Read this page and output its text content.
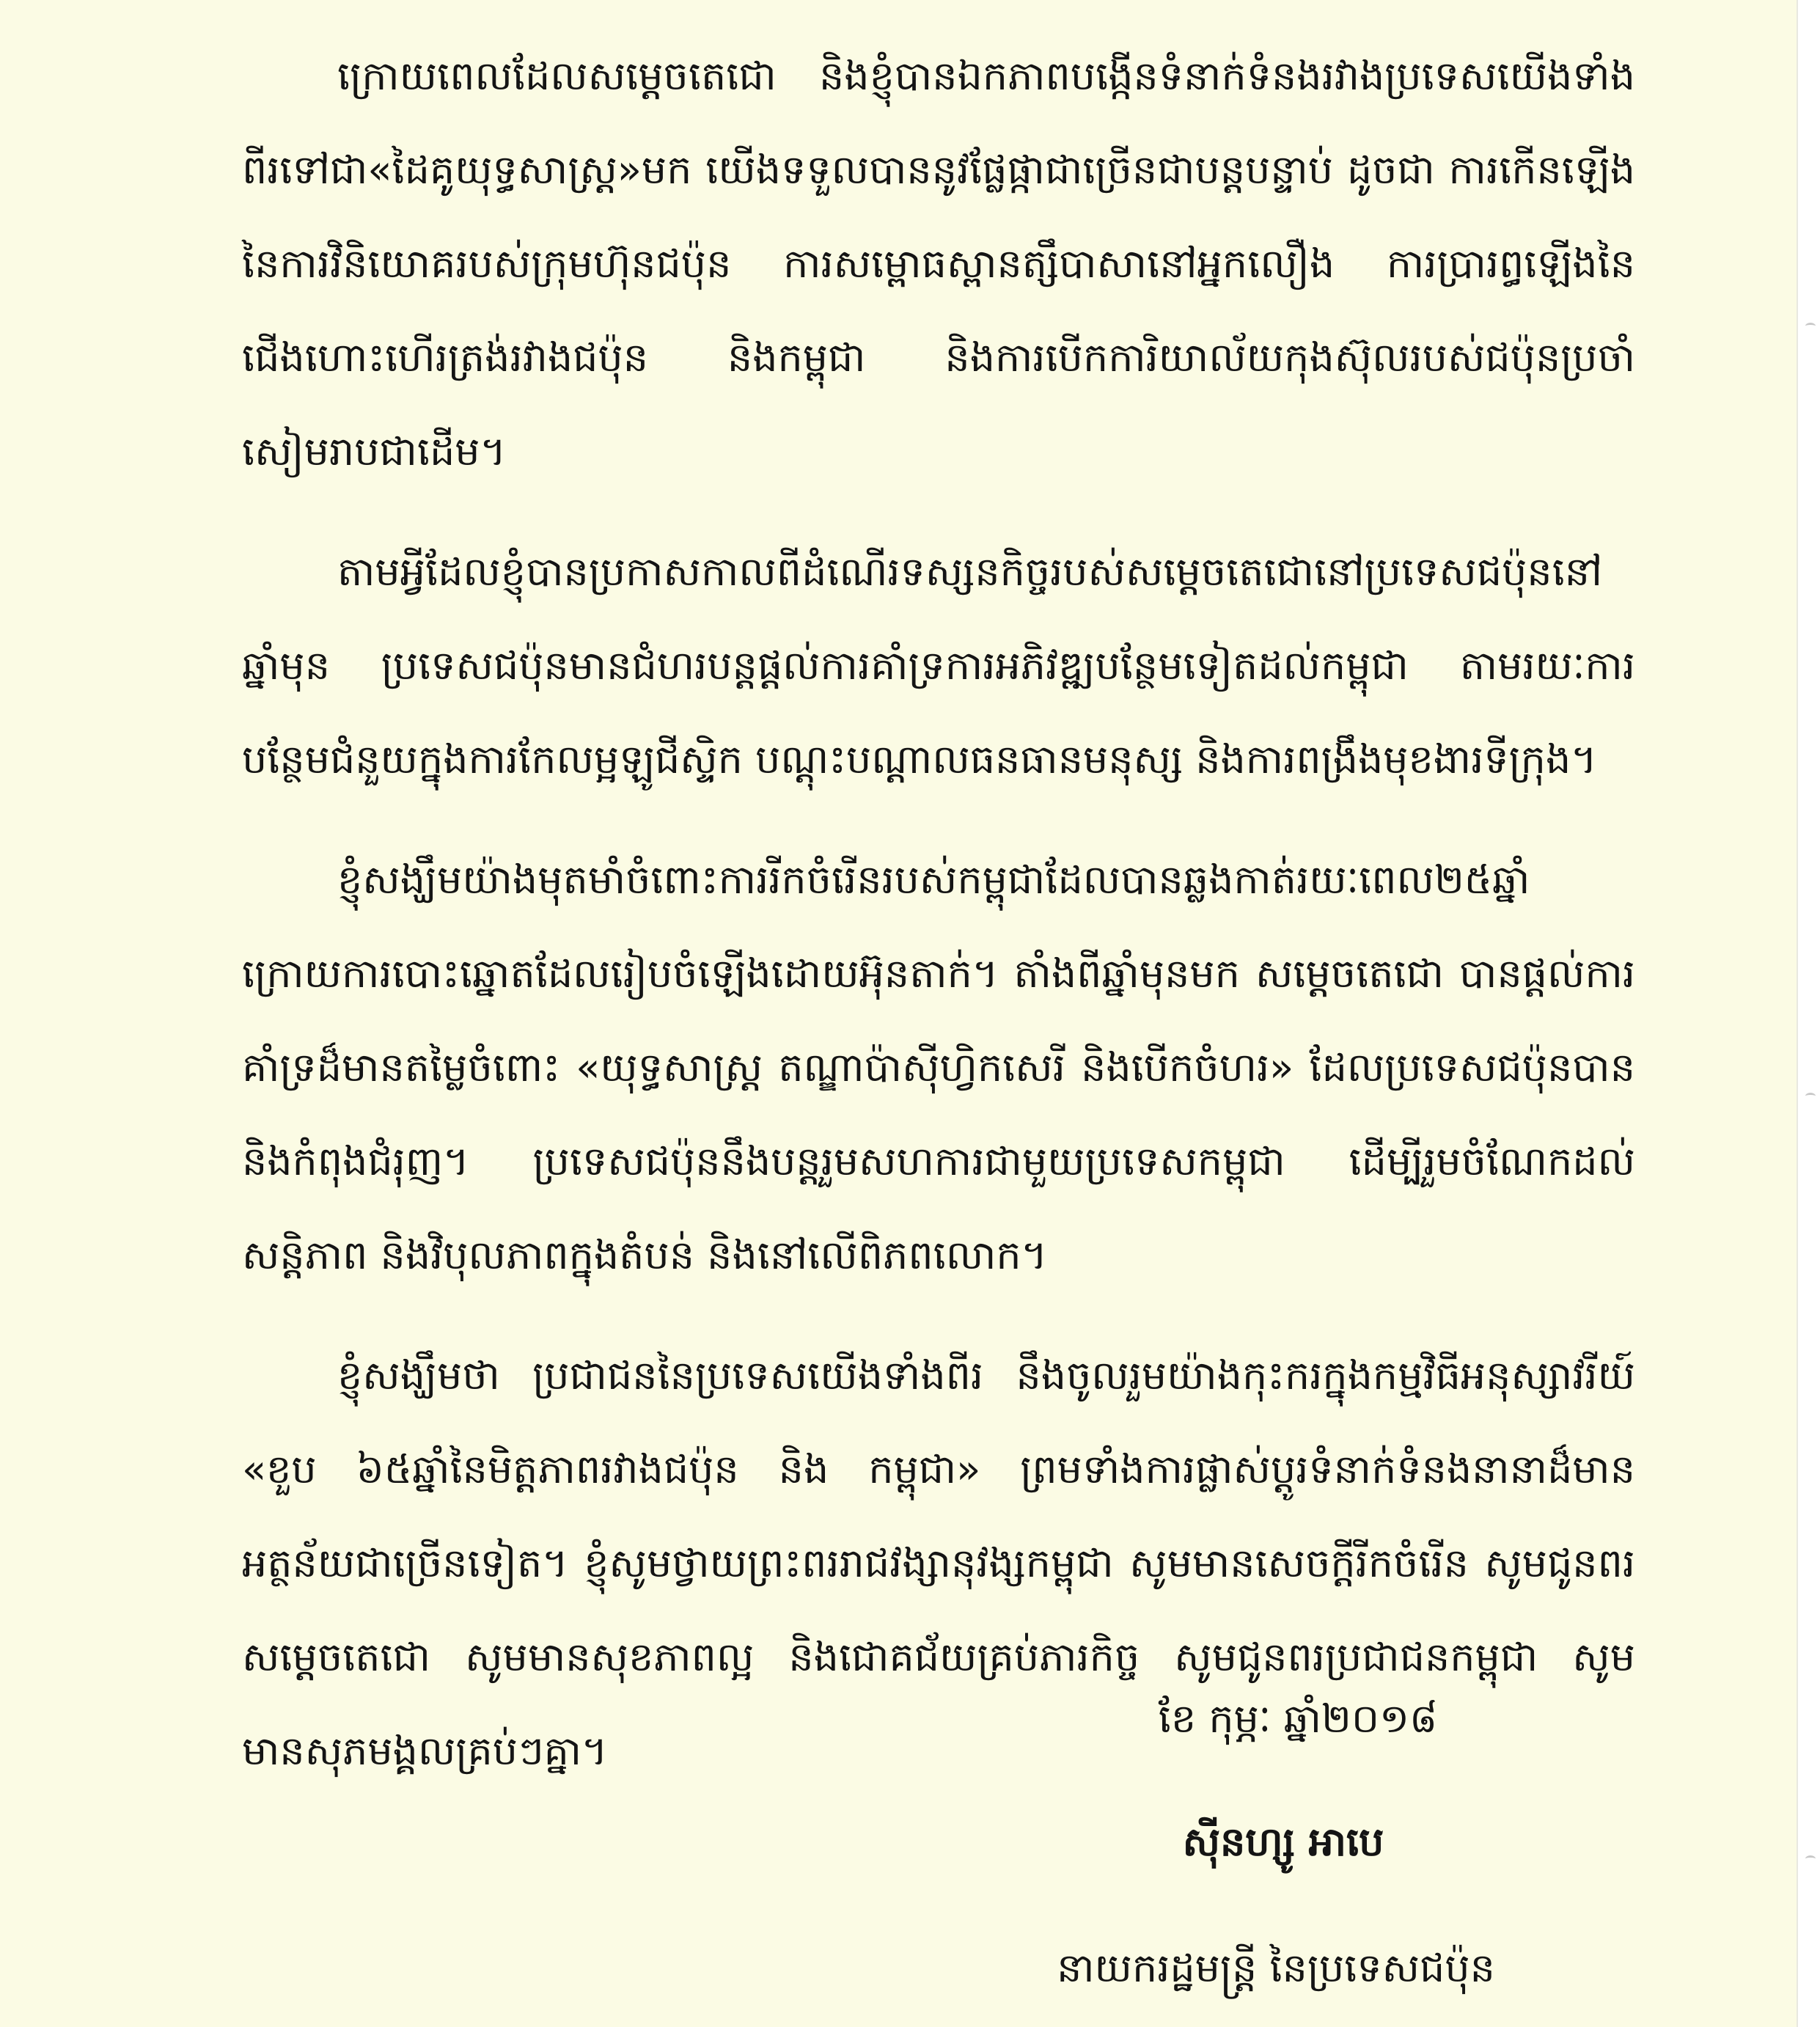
ក្រោយពេលដែលសម្តេចតេជោ និងខ្ញុំបានឯកភាពបង្កើនទំនាក់ទំនងរវាងប្រទេសយើងទាំងពីរទៅជា«ដៃគូយុទ្ធសាស្ត្រ»មក យើងទទួលបាននូវផ្លែផ្កាជាច្រើនជាបន្តបន្ទាប់ ដូចជា ការកើនឡើងនៃការវិនិយោគរបស់ក្រុមហ៊ុនជប៉ុន ការសម្ពោធស្ពានត្សឹបាសានៅអ្នកលឿង ការប្រារព្ធឡើងនៃជើងហោះហើរត្រង់រវាងជប៉ុន និងកម្ពុជា និងការបើកការិយាល័យកុងស៊ុលរបស់ជប៉ុនប្រចាំសៀមរាបជាដើម។

តាមអ្វីដែលខ្ញុំបានប្រកាសកាលពីដំណើរទស្សនកិច្ចរបស់សម្តេចតេជោនៅប្រទេសជប៉ុននៅឆ្នាំមុន ប្រទេសជប៉ុនមានជំហរបន្តផ្តល់ការគាំទ្រការអភិវឌ្ឍបន្ថែមទៀតដល់កម្ពុជា តាមរយៈការបន្ថែមជំនួយក្នុងការកែលម្អឡូជីស្ទិក បណ្តុះបណ្តាលធនធានមនុស្ស និងការពង្រឹងមុខងារទីក្រុង។

ខ្ញុំសង្ឃឹមយ៉ាងមុតមាំចំពោះការរីកចំរើនរបស់កម្ពុជាដែលបានឆ្លងកាត់រយៈពេល២៥ឆ្នាំ ក្រោយការបោះឆ្នោតដែលរៀបចំឡើងដោយអ៊ុនតាក់។ តាំងពីឆ្នាំមុនមក សម្តេចតេជោ បានផ្តល់ការគាំទ្រដ៏មានតម្លៃចំពោះ «យុទ្ធសាស្ត្រ តណ្ឌាប៉ាស៊ីហ្វិកសេរី និងបើកចំហរ» ដែលប្រទេសជប៉ុនបាននិងកំពុងជំរុញ។ ប្រទេសជប៉ុននឹងបន្តរួមសហការជាមួយប្រទេសកម្ពុជា ដើម្បីរួមចំណែកដល់សន្តិភាព និងវិបុលភាពក្នុងតំបន់ និងនៅលើពិភពលោក។

ខ្ញុំសង្ឃឹមថា ប្រជាជននៃប្រទេសយើងទាំងពីរ នឹងចូលរួមយ៉ាងកុះករក្នុងកម្មវិធីអនុស្សាវរីយ៍ «ខួប ៦៥ឆ្នាំនៃមិត្តភាពរវាងជប៉ុន និង កម្ពុជា» ព្រមទាំងការផ្លាស់ប្តូរទំនាក់ទំនងនានាដ៏មានអត្ថន័យជាច្រើនទៀត។ ខ្ញុំសូមថ្វាយព្រះពររាជវង្សានុវង្សកម្ពុជា សូមមានសេចក្តីរីកចំរើន សូមជូនពរសម្តេចតេជោ សូមមានសុខភាពល្អ និងជោគជ័យគ្រប់ភារកិច្ច សូមជូនពរប្រជាជនកម្ពុជា សូមមានសុភមង្គលគ្រប់ៗគ្នា។

ខែ កុម្ភៈ ឆ្នាំ២០១៨
ស៊ីនហ្សូ អាបេ
នាយករដ្ឋមន្ត្រី នៃប្រទេសជប៉ុន
